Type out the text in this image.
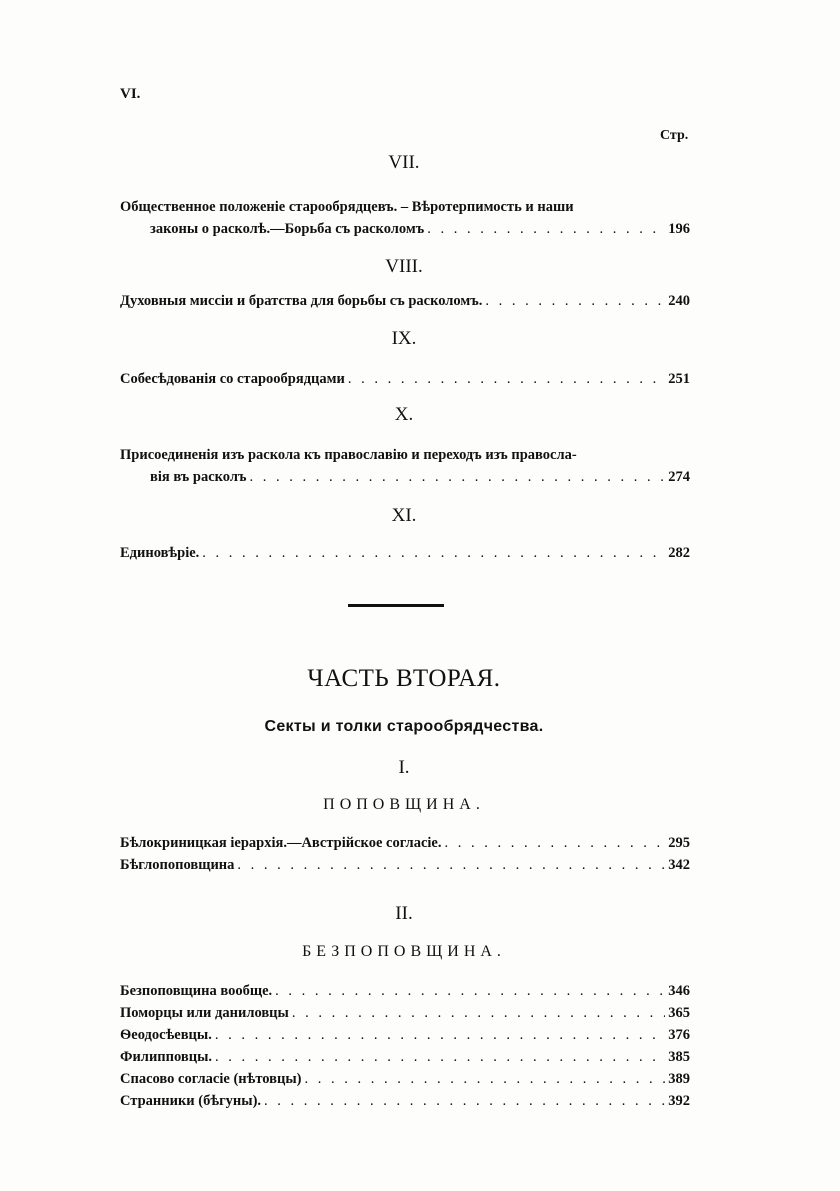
VI.
Стр.
VII.
Общественное положеніе старообрядцевъ. – Вѣротерпимость и наши
законы о расколѣ.—Борьба съ расколомъ . . .	196
VIII.
Духовныя миссіи и братства для борьбы съ расколомъ. . . .	240
IX.
Собесѣдованія со старообрядцами . . .	251
X.
Присоединенія изъ раскола къ православію и переходъ изъ правосла-
вія въ расколъ . . .	274
XI.
Единовѣріе. . . .	282
ЧАСТЬ ВТОРАЯ.
Секты и толки старообрядчества.
I.
ПОПОВЩИНА.
Бѣлокриницкая іерархія.—Австрійское согласіе. . . .	295
Бѣглопоповщина . . .	342
II.
БЕЗПОПОВЩИНА.
Безпоповщина вообще. . . .	346
Поморцы или даниловцы . . .	365
Ѳеодосѣевцы. . . .	376
Филипповцы. . . .	385
Спасово согласіе (нѣтовцы) . . .	389
Странники (бѣгуны). . . .	392
